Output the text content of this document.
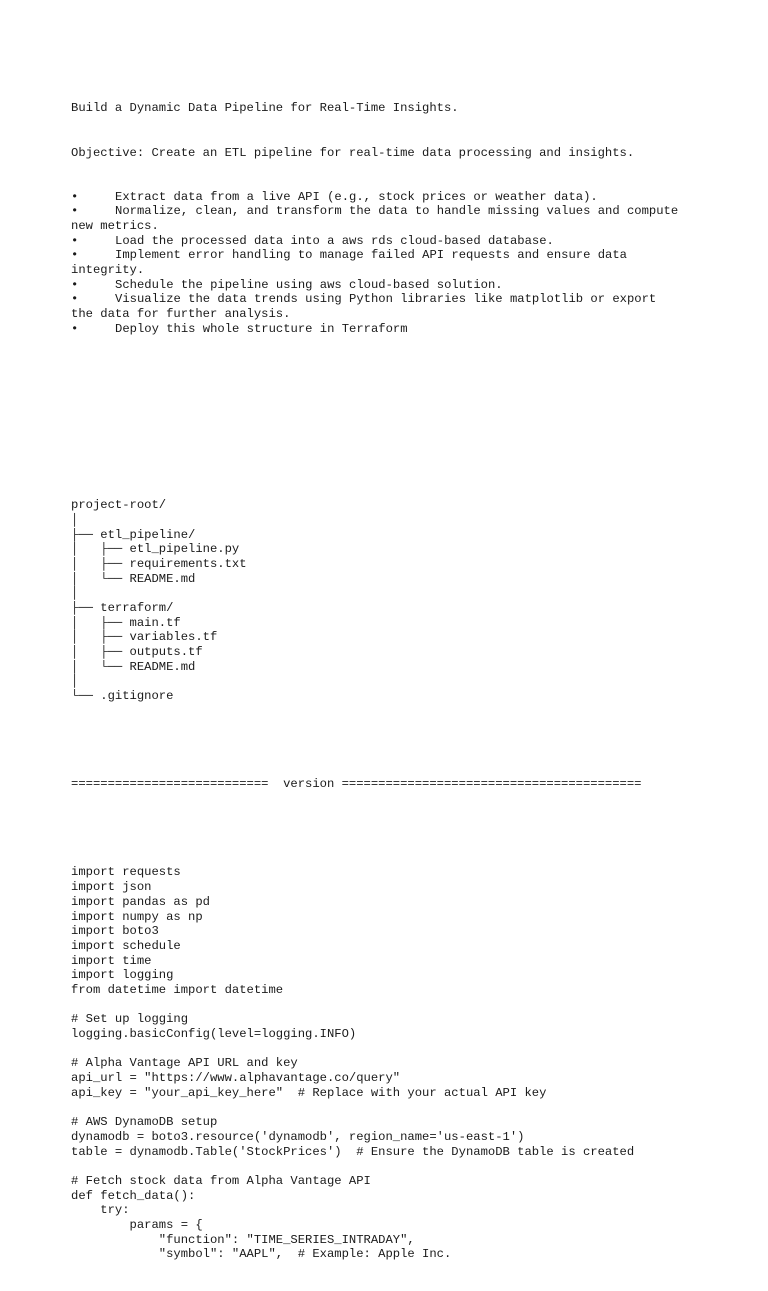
Build a Dynamic Data Pipeline for Real-Time Insights.

Objective: Create an ETL pipeline for real-time data processing and insights.

•	Extract data from a live API (e.g., stock prices or weather data).
•	Normalize, clean, and transform the data to handle missing values and compute
new metrics.
•	Load the processed data into a aws rds cloud-based database.
•	Implement error handling to manage failed API requests and ensure data
integrity.
•	Schedule the pipeline using aws cloud-based solution.
•	Visualize the data trends using Python libraries like matplotlib or export
the data for further analysis.
•	Deploy this whole structure in Terraform

project-root/
│
├── etl_pipeline/
│   ├── etl_pipeline.py
│   ├── requirements.txt
│   └── README.md
│
├── terraform/
│   ├── main.tf
│   ├── variables.tf
│   ├── outputs.tf
│   └── README.md
│
└── .gitignore

===========================  version =========================================

import requests
import json
import pandas as pd
import numpy as np
import boto3
import schedule
import time
import logging
from datetime import datetime
# Set up logging
logging.basicConfig(level=logging.INFO)
# Alpha Vantage API URL and key
api_url = "https://www.alphavantage.co/query"
api_key = "your_api_key_here"  # Replace with your actual API key
# AWS DynamoDB setup
dynamodb = boto3.resource('dynamodb', region_name='us-east-1')
table = dynamodb.Table('StockPrices')  # Ensure the DynamoDB table is created
# Fetch stock data from Alpha Vantage API
def fetch_data():
try:
params = {
"function": "TIME_SERIES_INTRADAY",
"symbol": "AAPL",  # Example: Apple Inc.
